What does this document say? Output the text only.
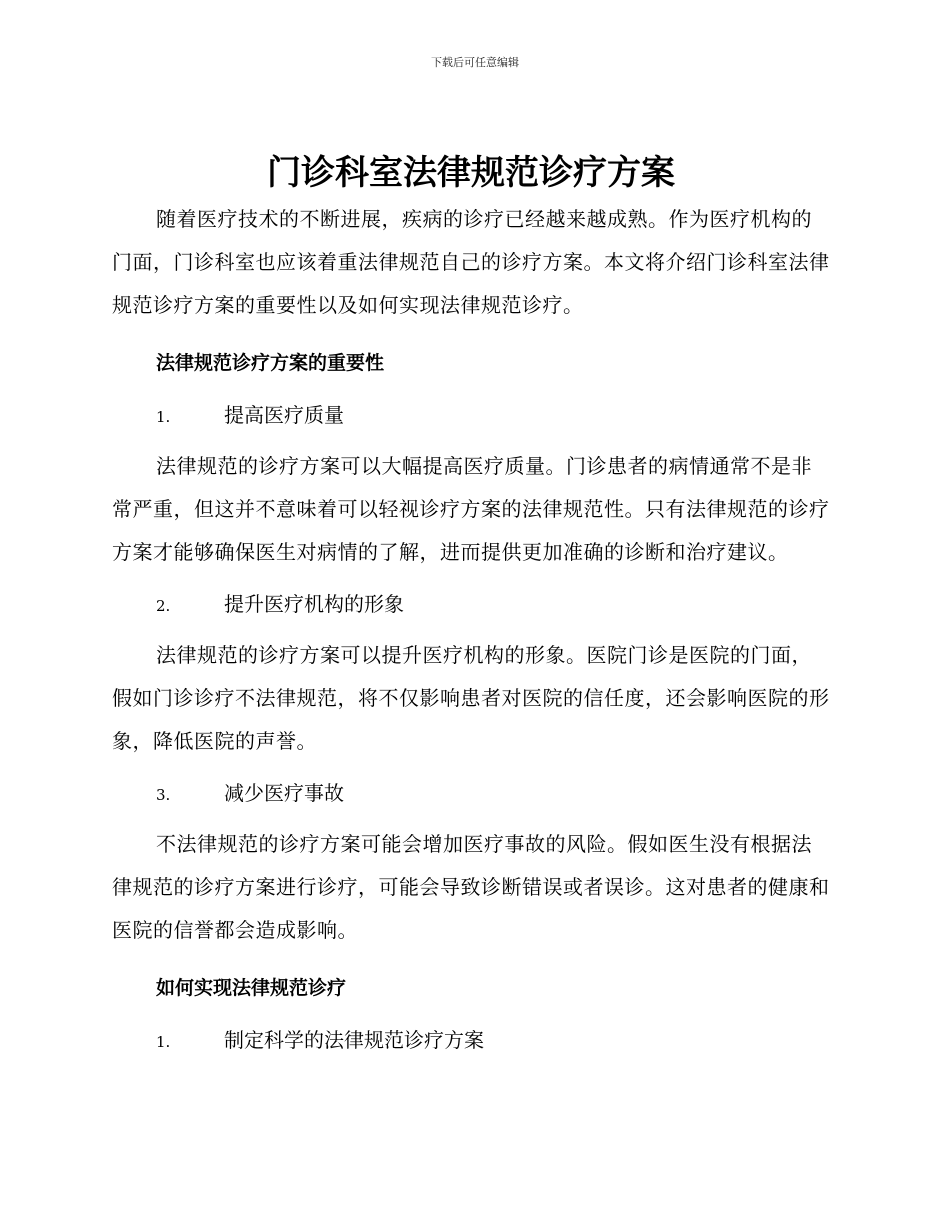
下载后可任意编辑
门诊科室法律规范诊疗方案

随着医疗技术的不断进展，疾病的诊疗已经越来越成熟。作为医疗机构的门面，门诊科室也应该着重法律规范自己的诊疗方案。本文将介绍门诊科室法律规范诊疗方案的重要性以及如何实现法律规范诊疗。

法律规范诊疗方案的重要性
1.	提高医疗质量

法律规范的诊疗方案可以大幅提高医疗质量。门诊患者的病情通常不是非常严重，但这并不意味着可以轻视诊疗方案的法律规范性。只有法律规范的诊疗方案才能够确保医生对病情的了解，进而提供更加准确的诊断和治疗建议。

2.	提升医疗机构的形象

法律规范的诊疗方案可以提升医疗机构的形象。医院门诊是医院的门面，假如门诊诊疗不法律规范，将不仅影响患者对医院的信任度，还会影响医院的形象，降低医院的声誉。

3.	减少医疗事故

不法律规范的诊疗方案可能会增加医疗事故的风险。假如医生没有根据法律规范的诊疗方案进行诊疗，可能会导致诊断错误或者误诊。这对患者的健康和医院的信誉都会造成影响。

如何实现法律规范诊疗
1.	制定科学的法律规范诊疗方案
